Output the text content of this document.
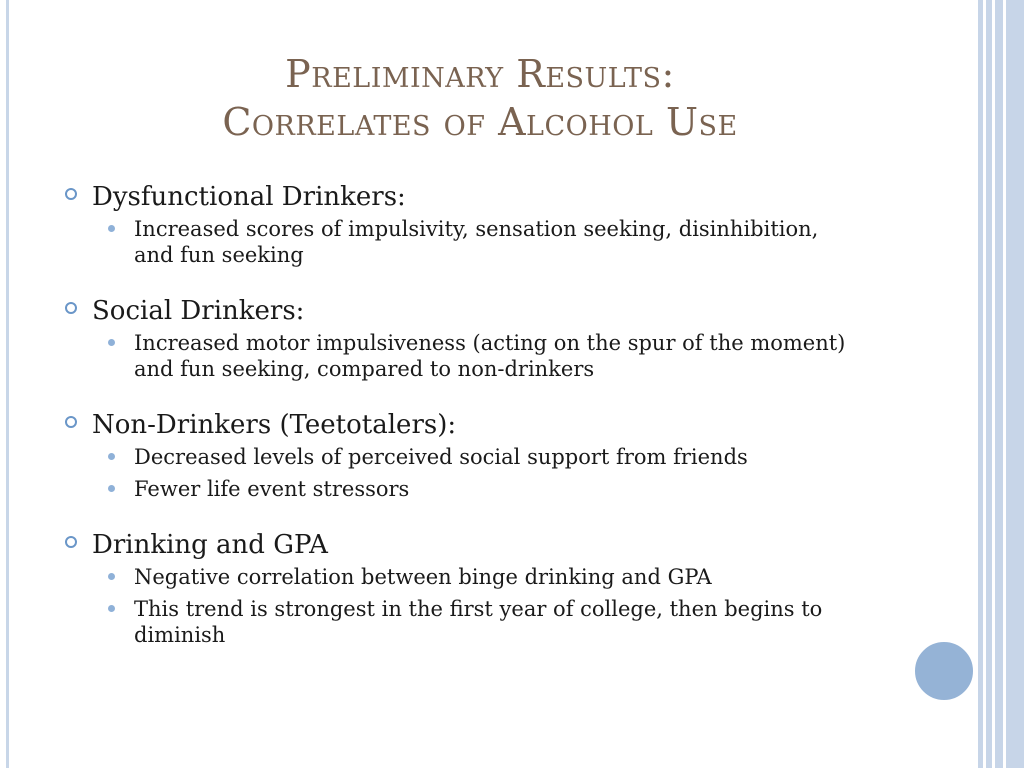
Preliminary Results:
Correlates of Alcohol Use
Dysfunctional Drinkers:
Increased scores of impulsivity, sensation seeking, disinhibition, and fun seeking
Social Drinkers:
Increased motor impulsiveness (acting on the spur of the moment) and fun seeking, compared to non-drinkers
Non-Drinkers (Teetotalers):
Decreased levels of perceived social support from friends
Fewer life event stressors
Drinking and GPA
Negative correlation between binge drinking and GPA
This trend is strongest in the first year of college, then begins to diminish
